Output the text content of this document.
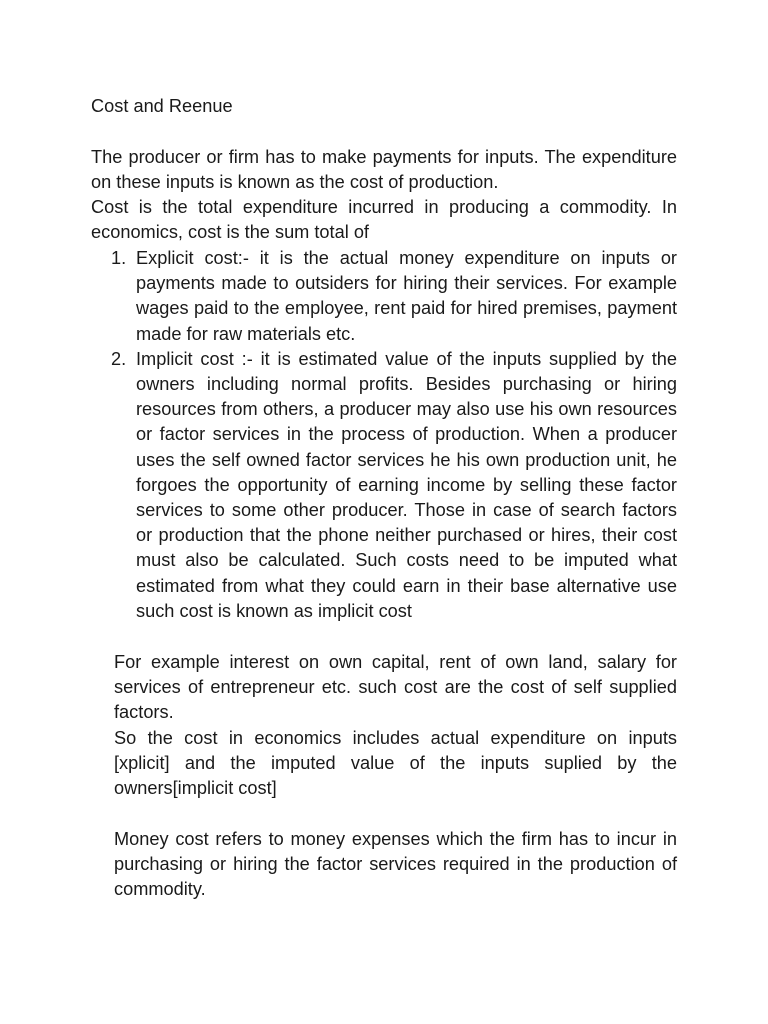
Cost and Reenue

The producer or firm has to make payments for inputs. The expenditure on these inputs is known as the cost of production.

Cost is the total expenditure incurred in producing a commodity. In economics, cost is the sum total of

1. Explicit cost:- it is the actual money expenditure on inputs or payments made to outsiders for hiring their services. For example wages paid to the employee, rent paid for hired premises, payment made for raw materials etc.
2. Implicit cost :- it is estimated value of the inputs supplied by the owners including normal profits. Besides purchasing or hiring resources from others, a producer may also use his own resources or factor services in the process of production. When a producer uses the self owned factor services he his own production unit, he forgoes the opportunity of earning income by selling these factor services to some other producer. Those in case of search factors or production that the phone neither purchased or hires, their cost must also be calculated. Such costs need to be imputed what estimated from what they could earn in their base alternative use such cost is known as implicit cost

For example interest on own capital, rent of own land, salary for services of entrepreneur etc. such cost are the cost of self supplied factors.

So the cost in economics includes actual expenditure on inputs [xplicit] and the imputed value of the inputs suplied by the owners[implicit cost]

Money cost refers to money expenses which the firm has to incur in purchasing or hiring the factor services required in the production of commodity.
